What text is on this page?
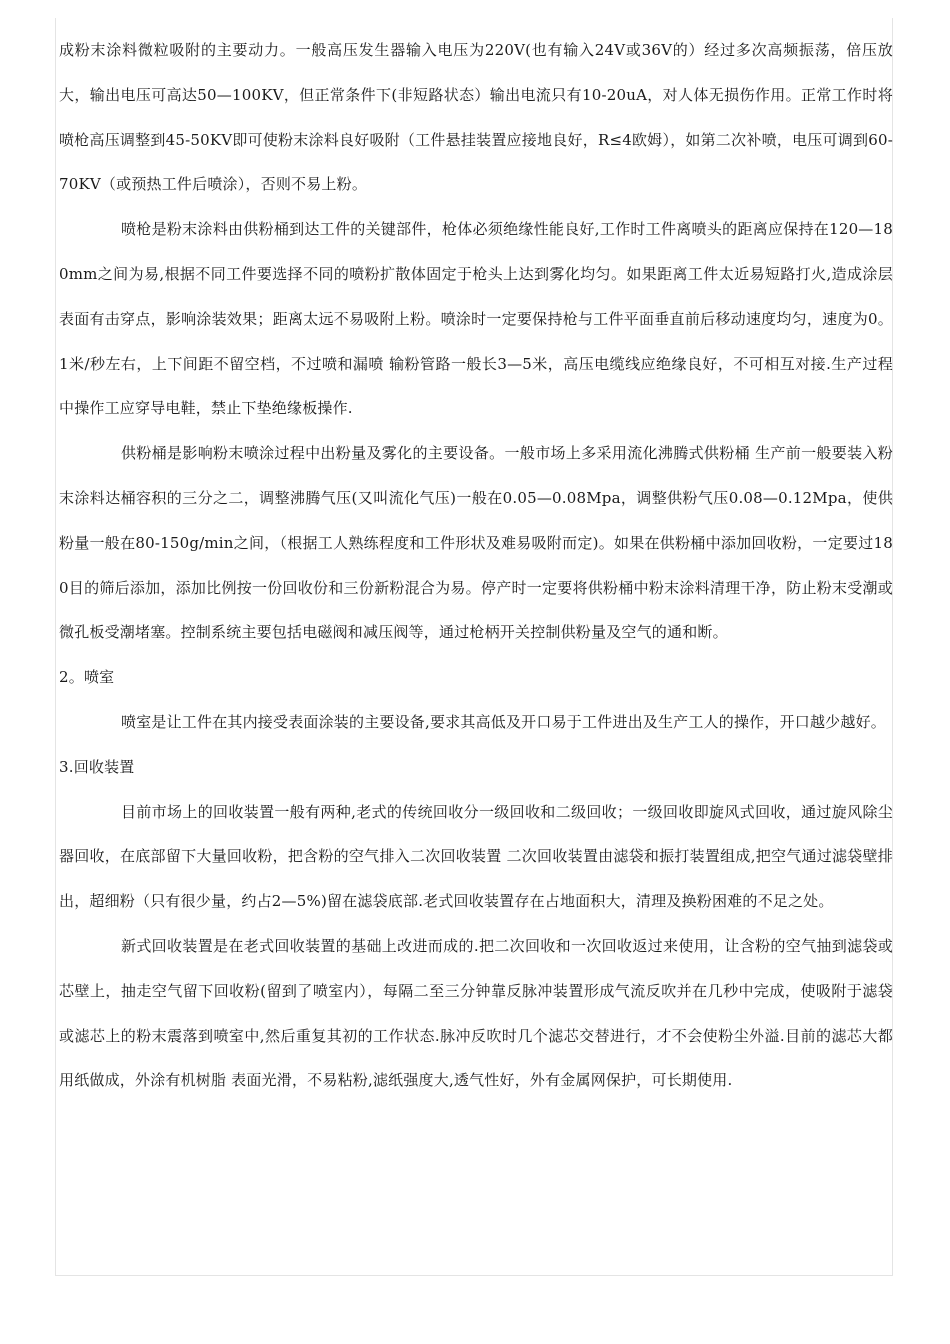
成粉末涂料微粒吸附的主要动力。一般高压发生器输入电压为220V(也有输入24V或36V的）经过多次高频振荡，倍压放大，输出电压可高达50—100KV，但正常条件下(非短路状态）输出电流只有10-20uA，对人体无损伤作用。正常工作时将喷枪高压调整到45-50KV即可使粉末涂料良好吸附（工件悬挂装置应接地良好，R≤4欧姆），如第二次补喷，电压可调到60-70KV（或预热工件后喷涂），否则不易上粉。

喷枪是粉末涂料由供粉桶到达工件的关键部件，枪体必须绝缘性能良好,工作时工件离喷头的距离应保持在120—180mm之间为易,根据不同工件要选择不同的喷粉扩散体固定于枪头上达到雾化均匀。如果距离工件太近易短路打火,造成涂层表面有击穿点，影响涂装效果；距离太远不易吸附上粉。喷涂时一定要保持枪与工件平面垂直前后移动速度均匀，速度为0。1米/秒左右，上下间距不留空档，不过喷和漏喷 输粉管路一般长3—5米，高压电缆线应绝缘良好，不可相互对接.生产过程中操作工应穿导电鞋，禁止下垫绝缘板操作.

供粉桶是影响粉末喷涂过程中出粉量及雾化的主要设备。一般市场上多采用流化沸腾式供粉桶 生产前一般要装入粉末涂料达桶容积的三分之二，调整沸腾气压(又叫流化气压)一般在0.05—0.08Mpa，调整供粉气压0.08—0.12Mpa，使供粉量一般在80-150g/min之间，（根据工人熟练程度和工件形状及难易吸附而定)。如果在供粉桶中添加回收粉，一定要过180目的筛后添加，添加比例按一份回收份和三份新粉混合为易。停产时一定要将供粉桶中粉末涂料清理干净，防止粉末受潮或微孔板受潮堵塞。控制系统主要包括电磁阀和减压阀等，通过枪柄开关控制供粉量及空气的通和断。

2。喷室

喷室是让工件在其内接受表面涂装的主要设备,要求其高低及开口易于工件进出及生产工人的操作，开口越少越好。

3.回收装置

目前市场上的回收装置一般有两种,老式的传统回收分一级回收和二级回收；一级回收即旋风式回收，通过旋风除尘器回收，在底部留下大量回收粉，把含粉的空气排入二次回收装置 二次回收装置由滤袋和振打装置组成,把空气通过滤袋壁排出，超细粉（只有很少量，约占2—5%)留在滤袋底部.老式回收装置存在占地面积大，清理及换粉困难的不足之处。

新式回收装置是在老式回收装置的基础上改进而成的.把二次回收和一次回收返过来使用，让含粉的空气抽到滤袋或芯壁上，抽走空气留下回收粉(留到了喷室内），每隔二至三分钟靠反脉冲装置形成气流反吹并在几秒中完成，使吸附于滤袋或滤芯上的粉末震落到喷室中,然后重复其初的工作状态.脉冲反吹时几个滤芯交替进行，才不会使粉尘外溢.目前的滤芯大都用纸做成，外涂有机树脂 表面光滑，不易粘粉,滤纸强度大,透气性好，外有金属网保护，可长期使用.
